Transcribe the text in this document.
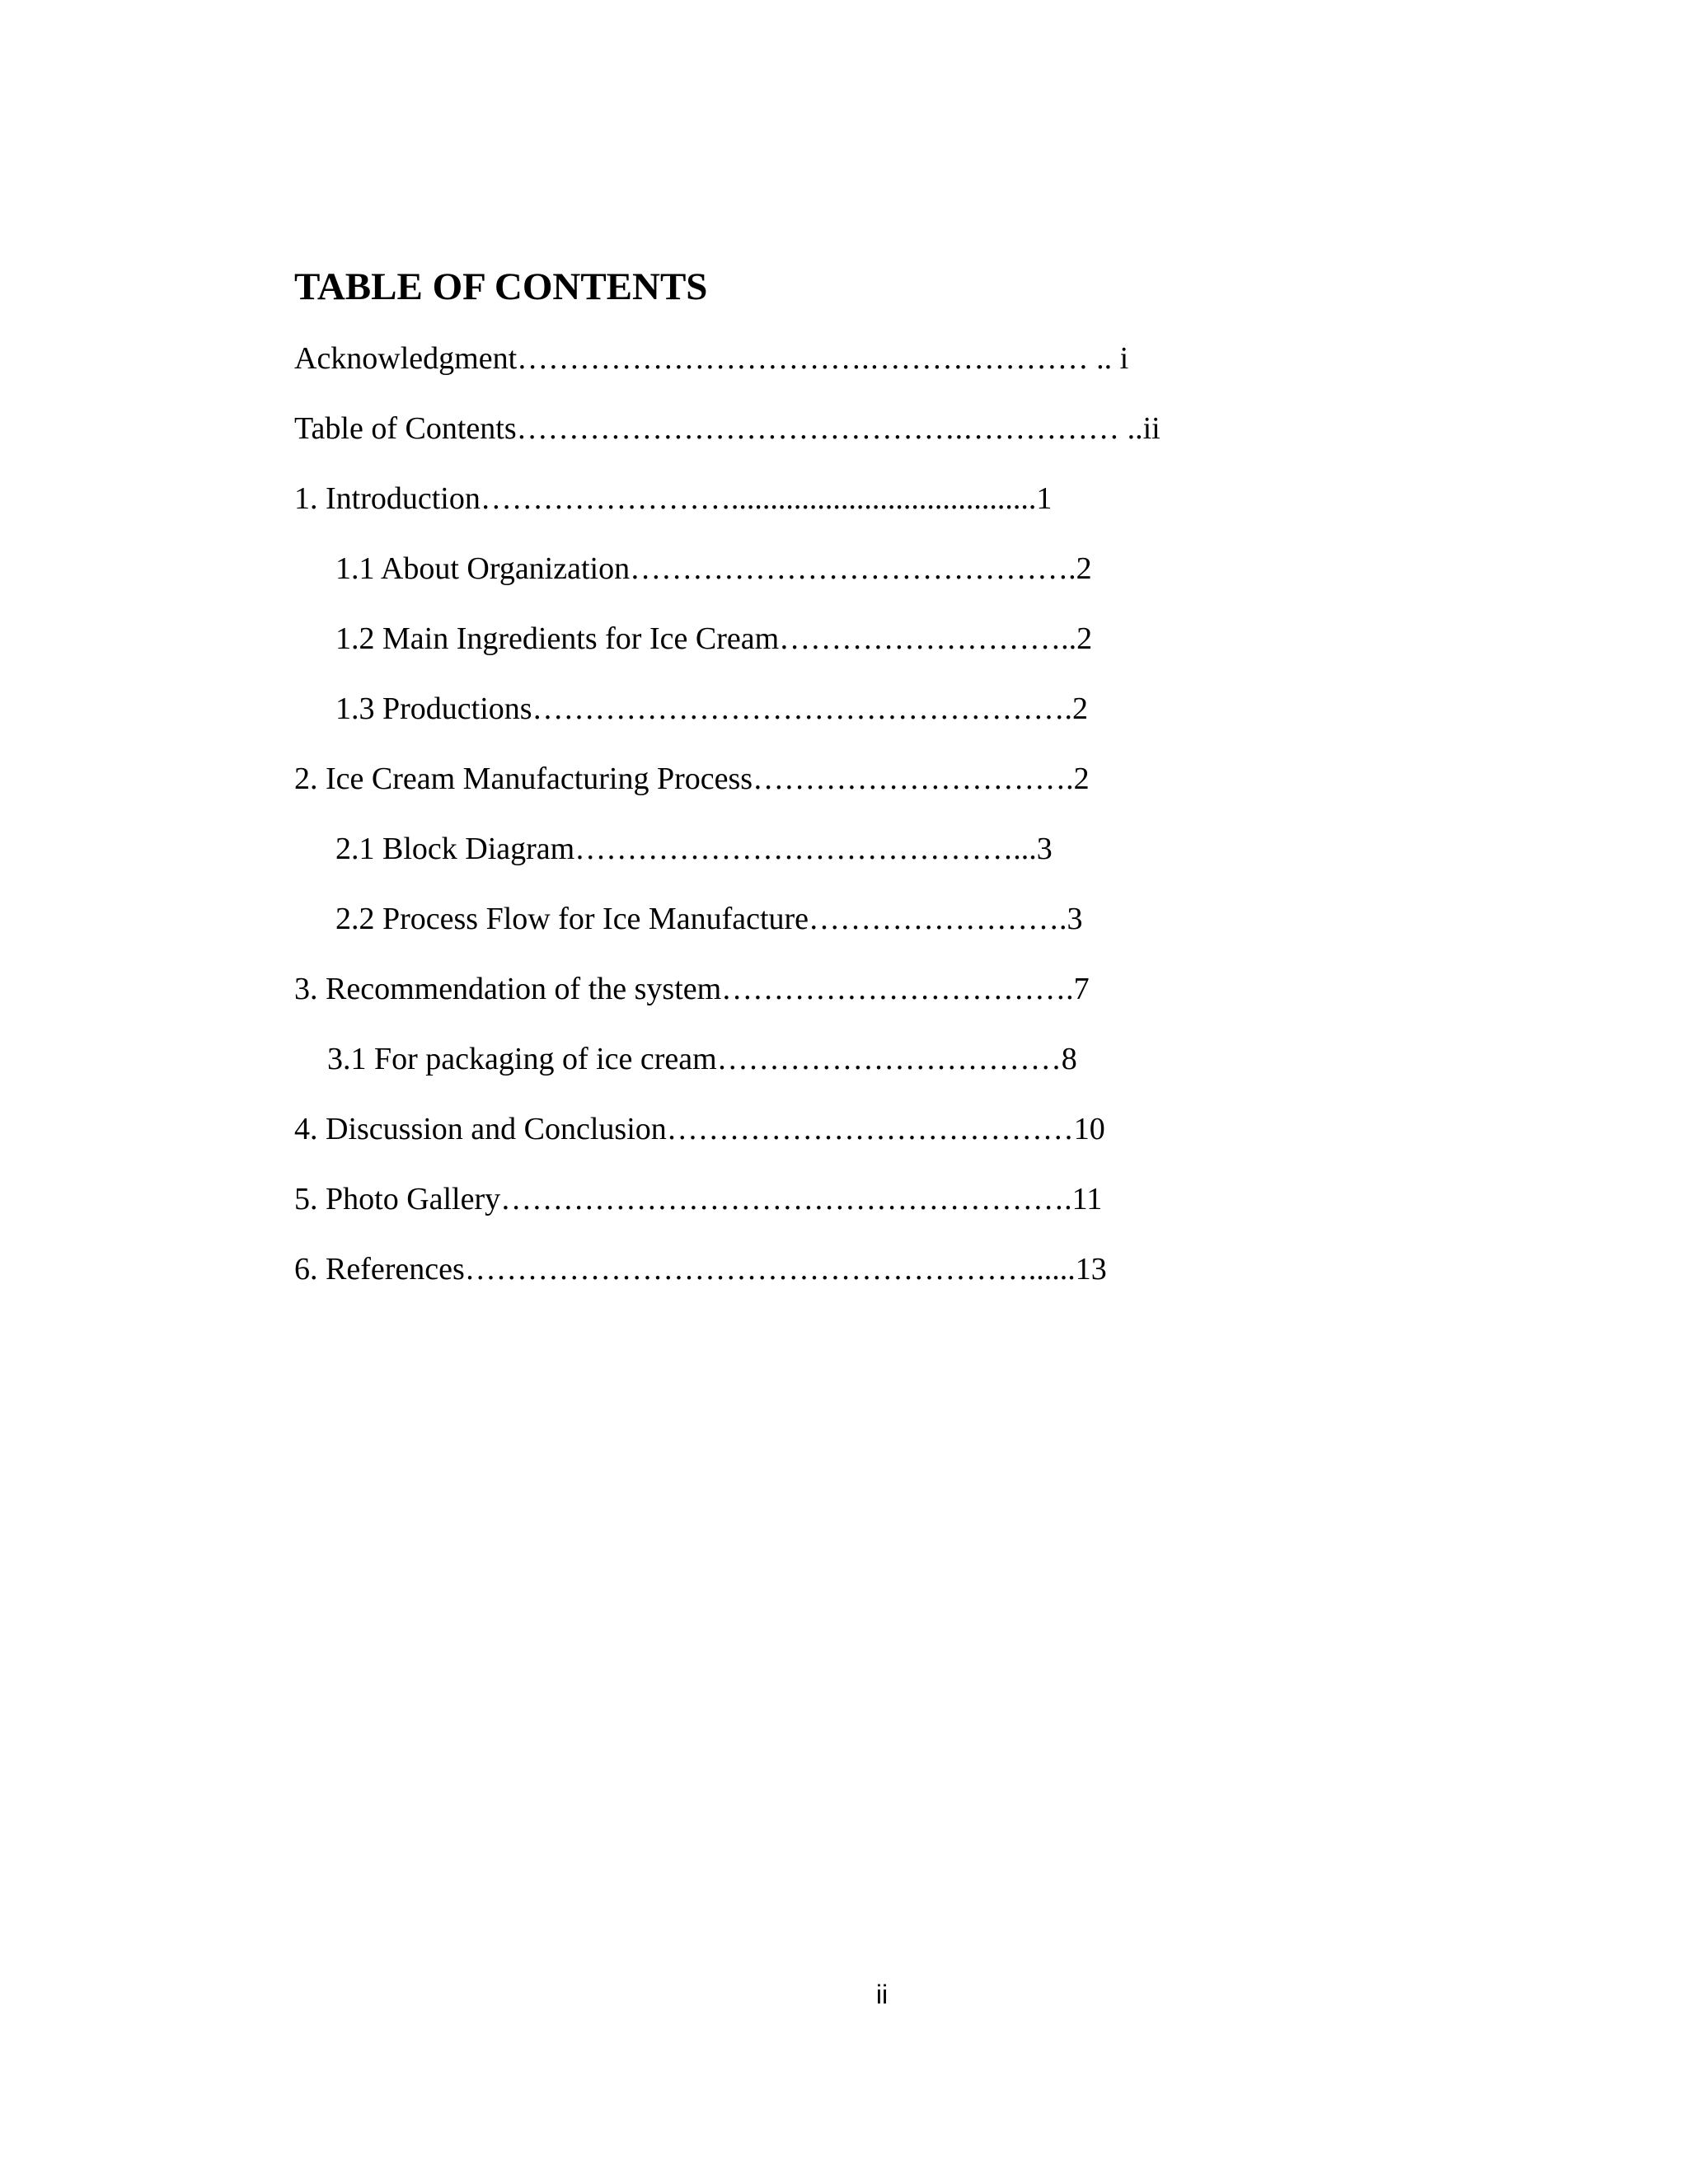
TABLE OF CONTENTS
Acknowledgment…………………………….………………… .. i
Table of Contents…………………………………….…………… ..ii
1. Introduction…………………….......................................1
1.1 About Organization…………………………………….2
1.2 Main Ingredients for Ice Cream………………………..2
1.3 Productions…………………………………………….2
2. Ice Cream Manufacturing Process………………………….2
2.1 Block Diagram……………………………………...3
2.2 Process Flow for Ice Manufacture…………………….3
3. Recommendation of the system…………………………….7
3.1 For packaging of ice cream……………………………8
4. Discussion and Conclusion…………………………………10
5. Photo Gallery……………………………………………….11
6. References………………………………………………......13
ii
